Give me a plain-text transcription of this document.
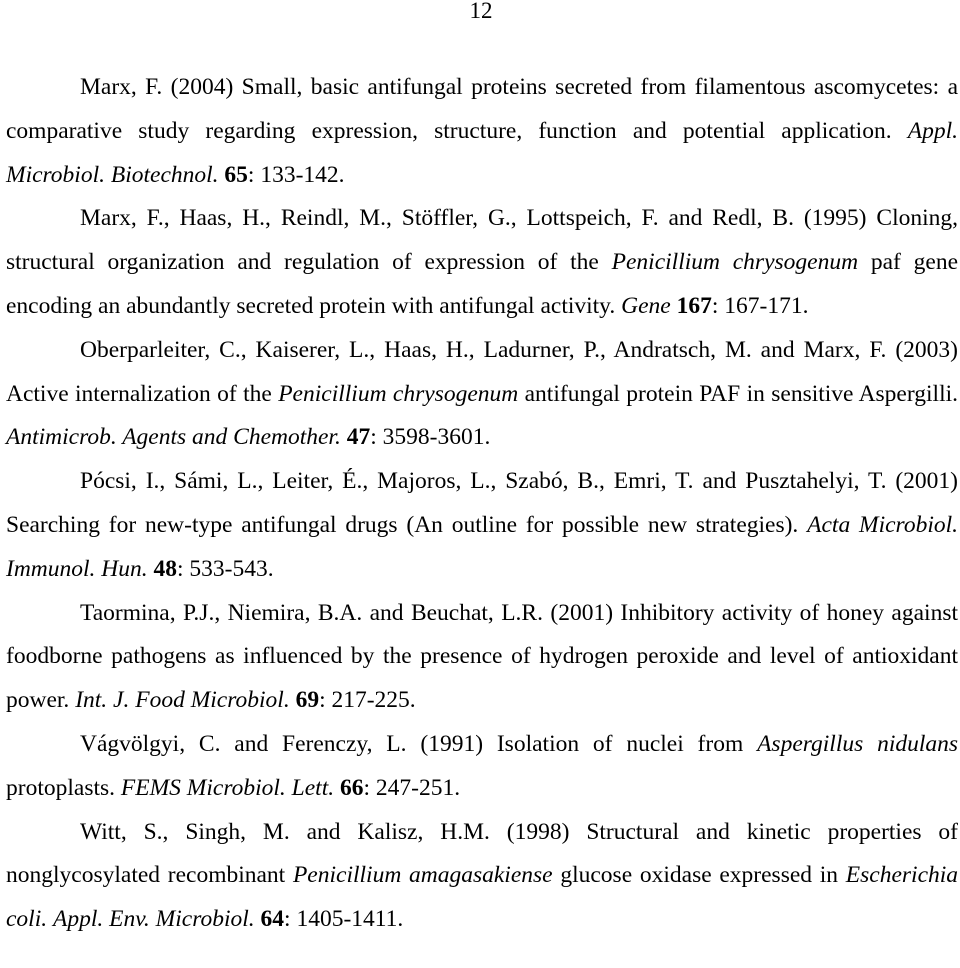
12

Marx, F. (2004) Small, basic antifungal proteins secreted from filamentous ascomycetes: a comparative study regarding expression, structure, function and potential application. Appl. Microbiol. Biotechnol. 65: 133-142.

Marx, F., Haas, H., Reindl, M., Stöffler, G., Lottspeich, F. and Redl, B. (1995) Cloning, structural organization and regulation of expression of the Penicillium chrysogenum paf gene encoding an abundantly secreted protein with antifungal activity. Gene 167: 167-171.

Oberparleiter, C., Kaiserer, L., Haas, H., Ladurner, P., Andratsch, M. and Marx, F. (2003) Active internalization of the Penicillium chrysogenum antifungal protein PAF in sensitive Aspergilli. Antimicrob. Agents and Chemother. 47: 3598-3601.

Pócsi, I., Sámi, L., Leiter, É., Majoros, L., Szabó, B., Emri, T. and Pusztahelyi, T. (2001) Searching for new-type antifungal drugs (An outline for possible new strategies). Acta Microbiol. Immunol. Hun. 48: 533-543.

Taormina, P.J., Niemira, B.A. and Beuchat, L.R. (2001) Inhibitory activity of honey against foodborne pathogens as influenced by the presence of hydrogen peroxide and level of antioxidant power. Int. J. Food Microbiol. 69: 217-225.

Vágvölgyi, C. and Ferenczy, L. (1991) Isolation of nuclei from Aspergillus nidulans protoplasts. FEMS Microbiol. Lett. 66: 247-251.

Witt, S., Singh, M. and Kalisz, H.M. (1998) Structural and kinetic properties of nonglycosylated recombinant Penicillium amagasakiense glucose oxidase expressed in Escherichia coli. Appl. Env. Microbiol. 64: 1405-1411.
